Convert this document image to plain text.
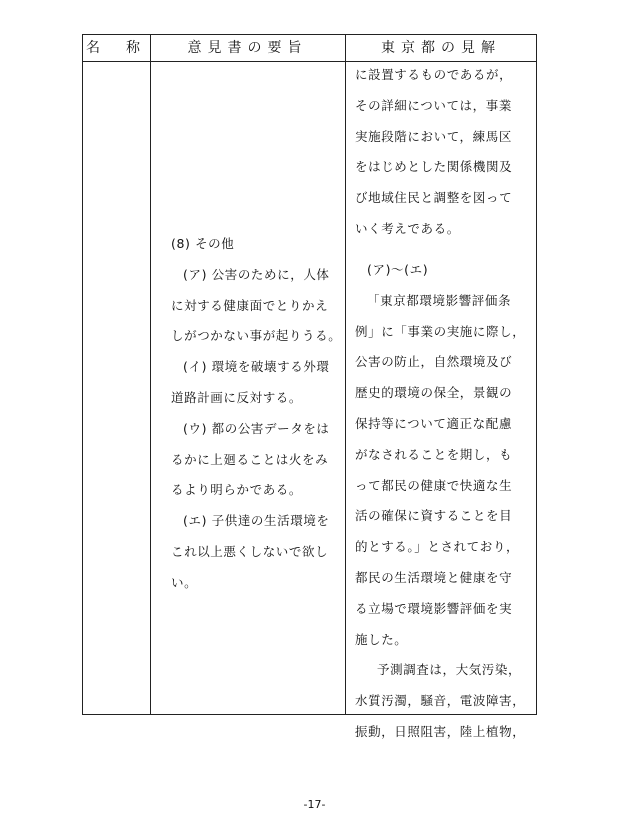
名　称	意見書の要旨	東京都の見解
(8) その他
(ア) 公害のために，人体
に対する健康面でとりかえ
しがつかない事が起りうる。
(イ) 環境を破壊する外環
道路計画に反対する。
(ウ) 都の公害データをは
るかに上廻ることは火をみ
るより明らかである。
(エ) 子供達の生活環境を
これ以上悪くしないで欲し
い。
に設置するものであるが，
その詳細については，事業
実施段階において，練馬区
をはじめとした関係機関及
び地域住民と調整を図って
いく考えである。
(ア)～(エ)
「東京都環境影響評価条
例」に「事業の実施に際し，
公害の防止，自然環境及び
歴史的環境の保全，景観の
保持等について適正な配慮
がなされることを期し，も
って都民の健康で快適な生
活の確保に資することを目
的とする。」とされており，
都民の生活環境と健康を守
る立場で環境影響評価を実
施した。
予測調査は，大気汚染，
水質汚濁，騒音，電波障害，
振動，日照阻害，陸上植物，
-17-
